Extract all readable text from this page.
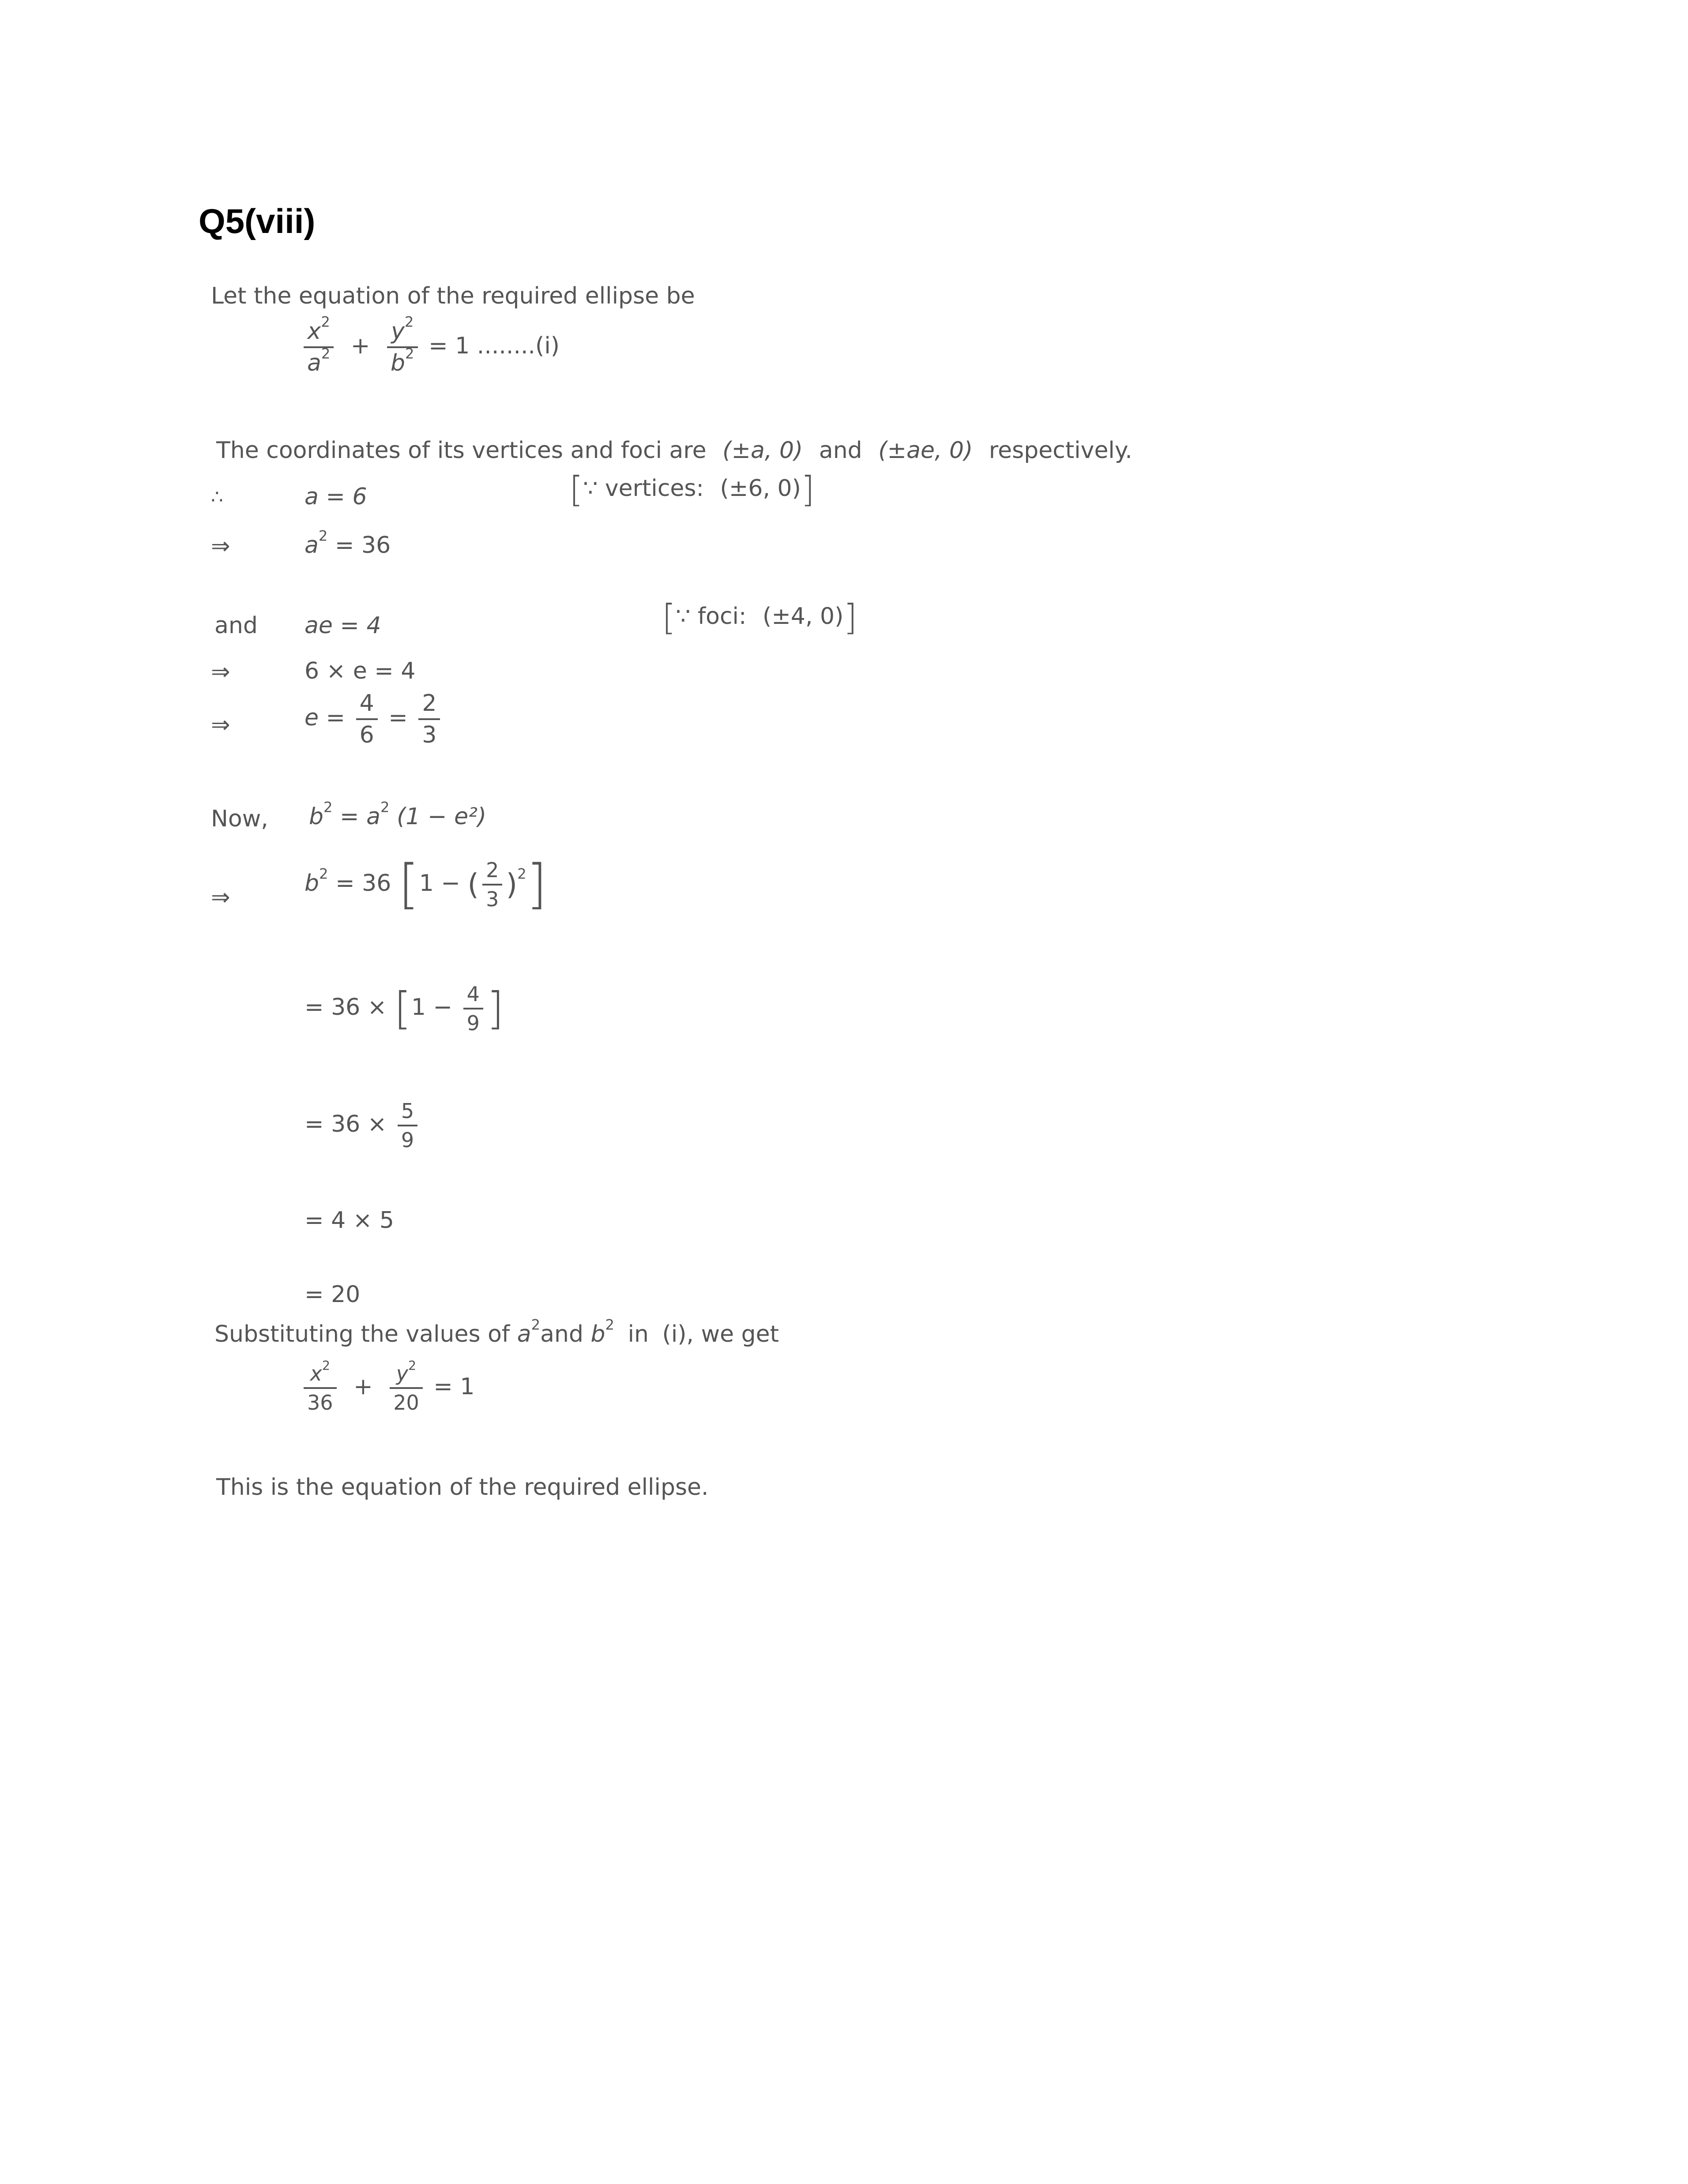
Q5(viii)
Let the equation of the required ellipse be
$\frac{x^2}{a^2} + \frac{y^2}{b^2} = 1$ ........(i)
The coordinates of its vertices and foci are (±a, 0) and (±ae, 0) respectively.
∴	a = 6	[∵ vertices: (±6, 0)]
⇒	$a^2 = 36$
and ae = 4	[∵ foci: (±4, 0)]
⇒	6 × e = 4
⇒	$e = \frac{4}{6} = \frac{2}{3}$
Now, $b^2 = a^2$ (1 − e²)
⇒
$b^2 = 36$ [1 − ( $\frac{2}{3} )^2$]
= $36 \times [1 - \frac{4}{9}$ ]
= $36 \times \frac{5}{9}$
= 4 × 5
= 20
Substituting the values of $a^2and$ $b^2$ in (i), we get
$\frac{x^2}{36} + \frac{y^2}{20} = 1$
This is the equation of the required ellipse.
